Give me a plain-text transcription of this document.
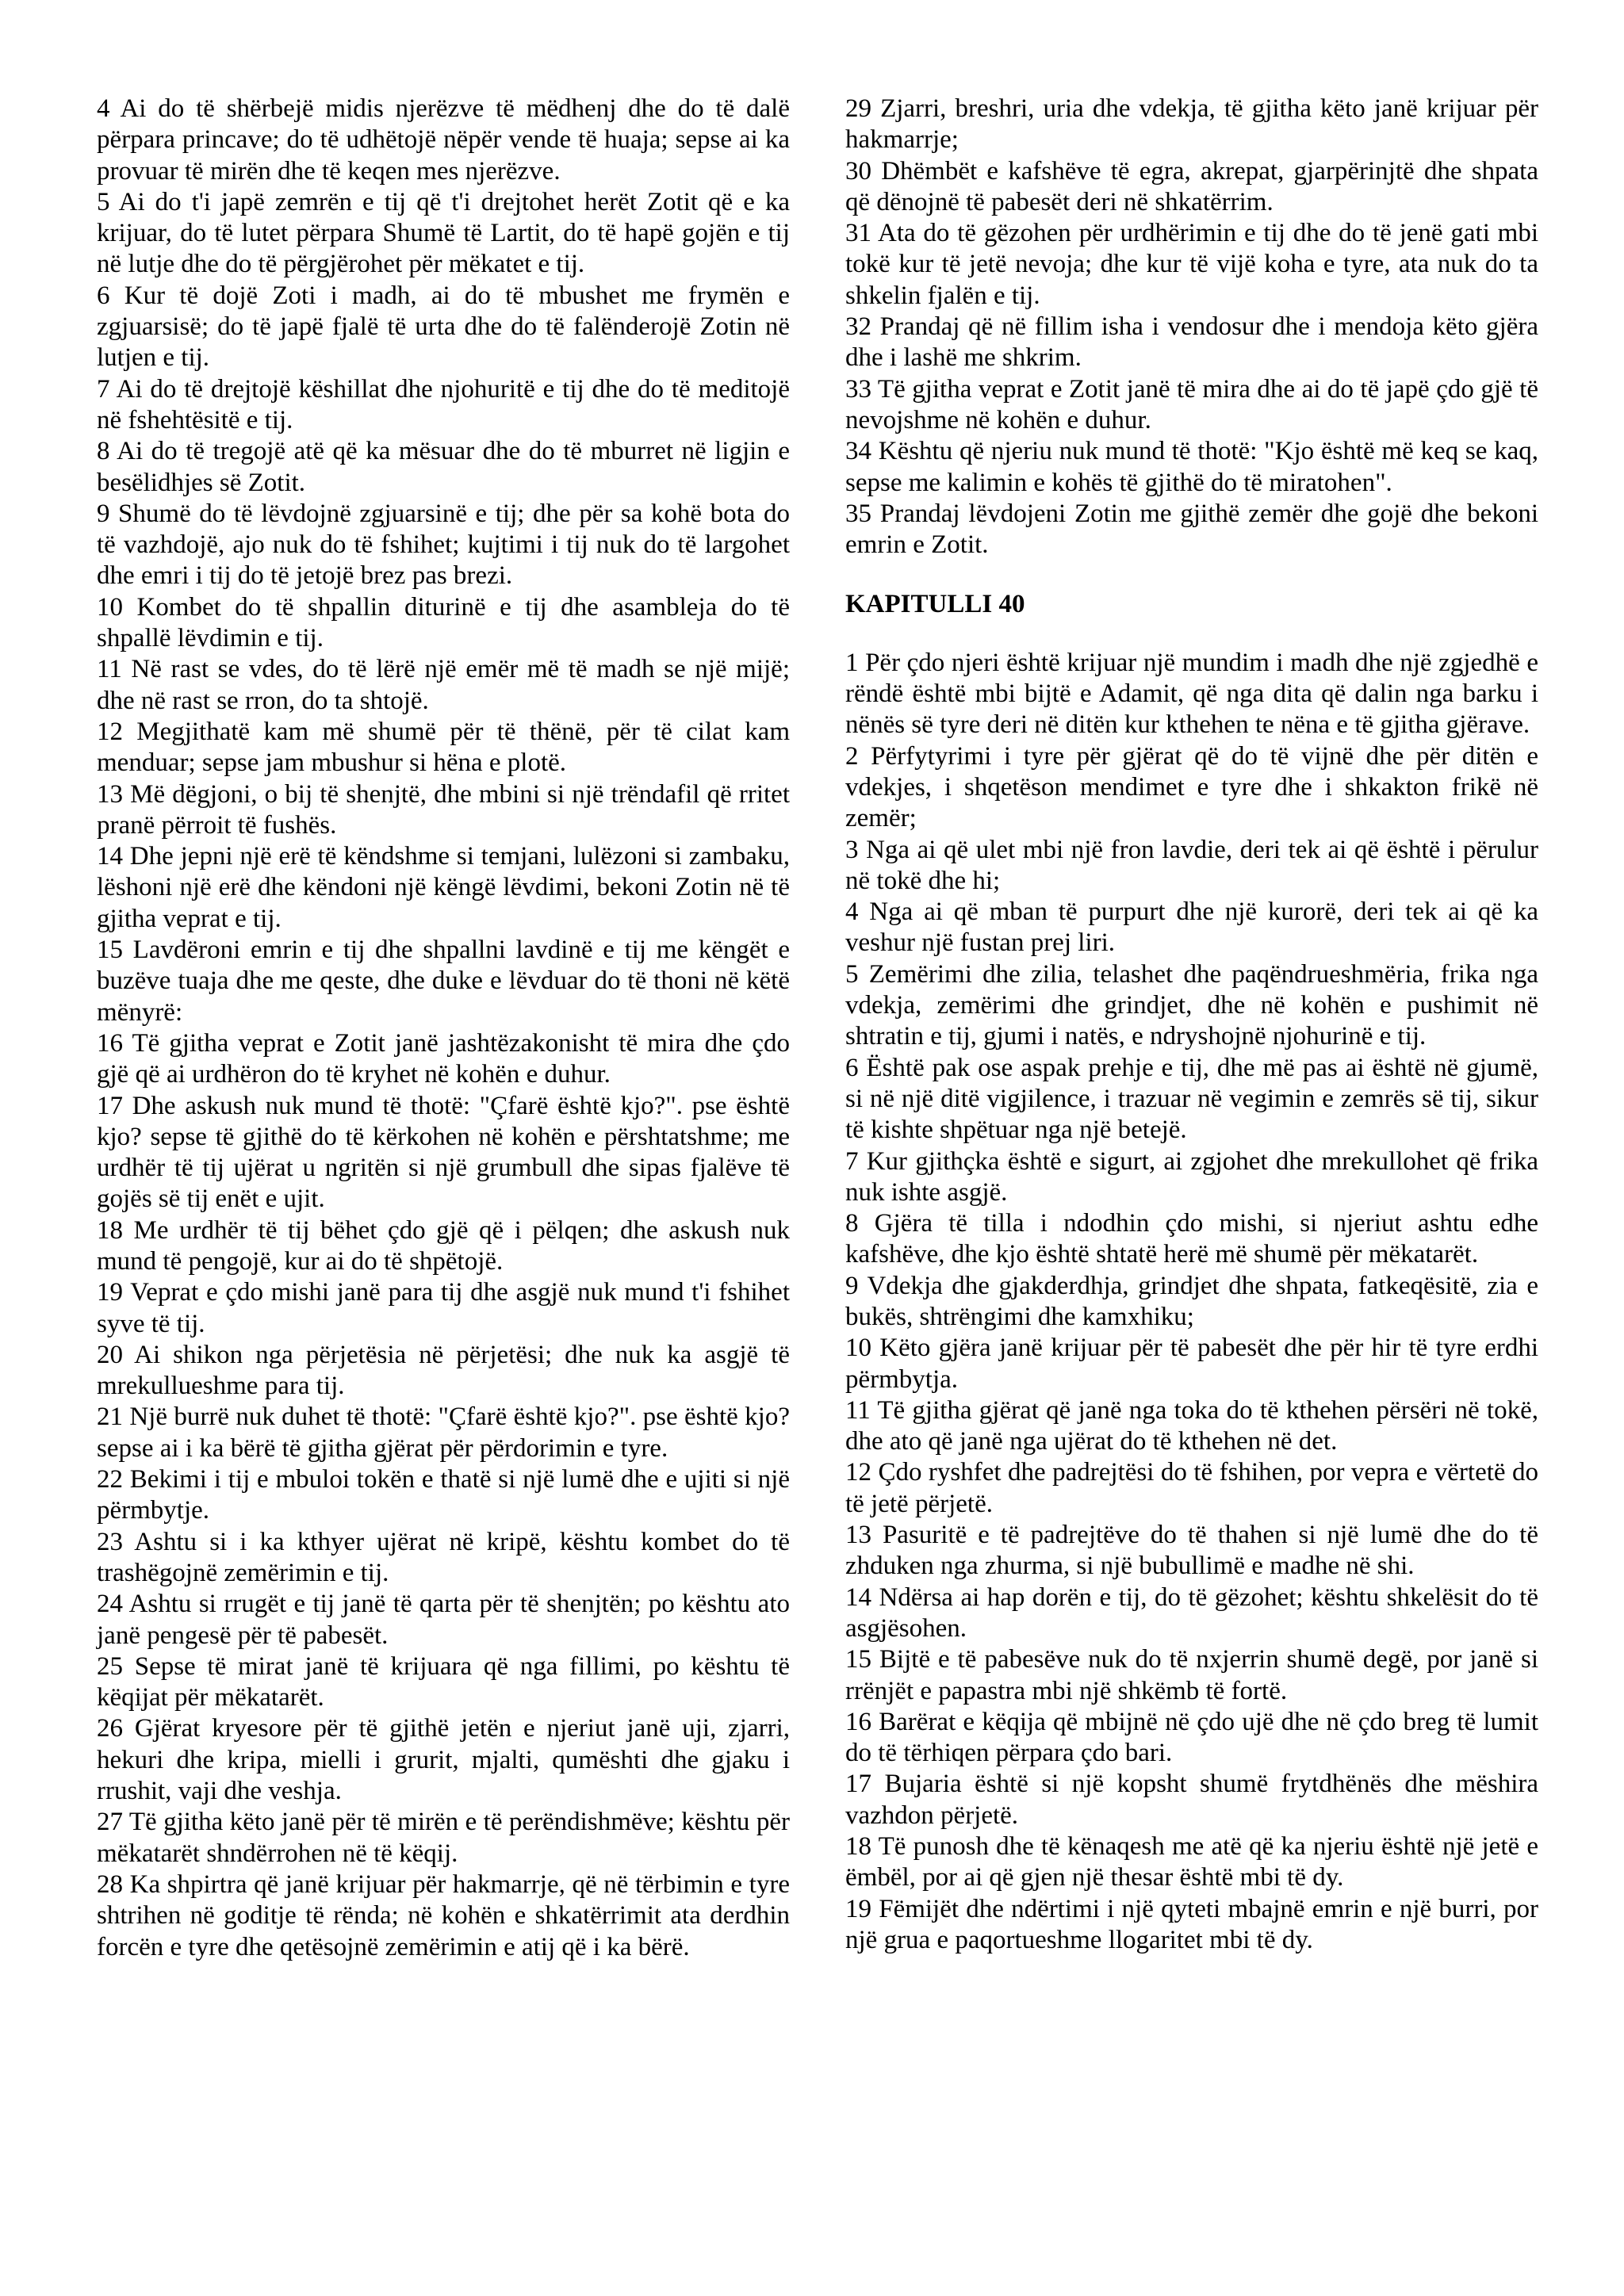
4 Ai do të shërbejë midis njerëzve të mëdhenj dhe do të dalë përpara princave; do të udhëtojë nëpër vende të huaja; sepse ai ka provuar të mirën dhe të keqen mes njerëzve.

5 Ai do t'i japë zemrën e tij që t'i drejtohet herët Zotit që e ka krijuar, do të lutet përpara Shumë të Lartit, do të hapë gojën e tij në lutje dhe do të përgjërohet për mëkatet e tij.

6 Kur të dojë Zoti i madh, ai do të mbushet me frymën e zgjuarsisë; do të japë fjalë të urta dhe do të falënderojë Zotin në lutjen e tij.

7 Ai do të drejtojë këshillat dhe njohuritë e tij dhe do të meditojë në fshehtësitë e tij.

8 Ai do të tregojë atë që ka mësuar dhe do të mburret në ligjin e besëlidhjes së Zotit.

9 Shumë do të lëvdojnë zgjuarsinë e tij; dhe për sa kohë bota do të vazhdojë, ajo nuk do të fshihet; kujtimi i tij nuk do të largohet dhe emri i tij do të jetojë brez pas brezi.

10 Kombet do të shpallin diturinë e tij dhe asambleja do të shpallë lëvdimin e tij.

11 Në rast se vdes, do të lërë një emër më të madh se një mijë; dhe në rast se rron, do ta shtojë.

12 Megjithatë kam më shumë për të thënë, për të cilat kam menduar; sepse jam mbushur si hëna e plotë.

13 Më dëgjoni, o bij të shenjtë, dhe mbini si një trëndafil që rritet pranë përroit të fushës.

14 Dhe jepni një erë të këndshme si temjani, lulëzoni si zambaku, lëshoni një erë dhe këndoni një këngë lëvdimi, bekoni Zotin në të gjitha veprat e tij.

15 Lavdëroni emrin e tij dhe shpallni lavdinë e tij me këngët e buzëve tuaja dhe me qeste, dhe duke e lëvduar do të thoni në këtë mënyrë:

16 Të gjitha veprat e Zotit janë jashtëzakonisht të mira dhe çdo gjë që ai urdhëron do të kryhet në kohën e duhur.

17 Dhe askush nuk mund të thotë: "Çfarë është kjo?". pse është kjo? sepse të gjithë do të kërkohen në kohën e përshtatshme; me urdhër të tij ujërat u ngritën si një grumbull dhe sipas fjalëve të gojës së tij enët e ujit.

18 Me urdhër të tij bëhet çdo gjë që i pëlqen; dhe askush nuk mund të pengojë, kur ai do të shpëtojë.

19 Veprat e çdo mishi janë para tij dhe asgjë nuk mund t'i fshihet syve të tij.

20 Ai shikon nga përjetësia në përjetësi; dhe nuk ka asgjë të mrekullueshme para tij.

21 Një burrë nuk duhet të thotë: "Çfarë është kjo?". pse është kjo? sepse ai i ka bërë të gjitha gjërat për përdorimin e tyre.

22 Bekimi i tij e mbuloi tokën e thatë si një lumë dhe e ujiti si një përmbytje.

23 Ashtu si i ka kthyer ujërat në kripë, kështu kombet do të trashëgojnë zemërimin e tij.

24 Ashtu si rrugët e tij janë të qarta për të shenjtën; po kështu ato janë pengesë për të pabesët.

25 Sepse të mirat janë të krijuara që nga fillimi, po kështu të këqijat për mëkatarët.

26 Gjërat kryesore për të gjithë jetën e njeriut janë uji, zjarri, hekuri dhe kripa, mielli i grurit, mjalti, qumështi dhe gjaku i rrushit, vaji dhe veshja.

27 Të gjitha këto janë për të mirën e të perëndishmëve; kështu për mëkatarët shndërrohen në të këqij.

28 Ka shpirtra që janë krijuar për hakmarrje, që në tërbimin e tyre shtrihen në goditje të rënda; në kohën e shkatërrimit ata derdhin forcën e tyre dhe qetësojnë zemërimin e atij që i ka bërë.

29 Zjarri, breshri, uria dhe vdekja, të gjitha këto janë krijuar për hakmarrje;

30 Dhëmbët e kafshëve të egra, akrepat, gjarpërinjtë dhe shpata që dënojnë të pabesët deri në shkatërrim.

31 Ata do të gëzohen për urdhërimin e tij dhe do të jenë gati mbi tokë kur të jetë nevoja; dhe kur të vijë koha e tyre, ata nuk do ta shkelin fjalën e tij.

32 Prandaj që në fillim isha i vendosur dhe i mendoja këto gjëra dhe i lashë me shkrim.

33 Të gjitha veprat e Zotit janë të mira dhe ai do të japë çdo gjë të nevojshme në kohën e duhur.

34 Kështu që njeriu nuk mund të thotë: "Kjo është më keq se kaq, sepse me kalimin e kohës të gjithë do të miratohen".

35 Prandaj lëvdojeni Zotin me gjithë zemër dhe gojë dhe bekoni emrin e Zotit.

KAPITULLI 40

1 Për çdo njeri është krijuar një mundim i madh dhe një zgjedhë e rëndë është mbi bijtë e Adamit, që nga dita që dalin nga barku i nënës së tyre deri në ditën kur kthehen te nëna e të gjitha gjërave.

2 Përfytyrimi i tyre për gjërat që do të vijnë dhe për ditën e vdekjes, i shqetëson mendimet e tyre dhe i shkakton frikë në zemër;

3 Nga ai që ulet mbi një fron lavdie, deri tek ai që është i përulur në tokë dhe hi;

4 Nga ai që mban të purpurt dhe një kurorë, deri tek ai që ka veshur një fustan prej liri.

5 Zemërimi dhe zilia, telashet dhe paqëndrueshmëria, frika nga vdekja, zemërimi dhe grindjet, dhe në kohën e pushimit në shtratin e tij, gjumi i natës, e ndryshojnë njohurinë e tij.

6 Është pak ose aspak prehje e tij, dhe më pas ai është në gjumë, si në një ditë vigjilence, i trazuar në vegimin e zemrës së tij, sikur të kishte shpëtuar nga një betejë.

7 Kur gjithçka është e sigurt, ai zgjohet dhe mrekullohet që frika nuk ishte asgjë.

8 Gjëra të tilla i ndodhin çdo mishi, si njeriut ashtu edhe kafshëve, dhe kjo është shtatë herë më shumë për mëkatarët.

9 Vdekja dhe gjakderdhja, grindjet dhe shpata, fatkeqësitë, zia e bukës, shtrëngimi dhe kamxhiku;

10 Këto gjëra janë krijuar për të pabesët dhe për hir të tyre erdhi përmbytja.

11 Të gjitha gjërat që janë nga toka do të kthehen përsëri në tokë, dhe ato që janë nga ujërat do të kthehen në det.

12 Çdo ryshfet dhe padrejtësi do të fshihen, por vepra e vërtetë do të jetë përjetë.

13 Pasuritë e të padrejtëve do të thahen si një lumë dhe do të zhduken nga zhurma, si një bubullimë e madhe në shi.

14 Ndërsa ai hap dorën e tij, do të gëzohet; kështu shkelësit do të asgjësohen.

15 Bijtë e të pabesëve nuk do të nxjerrin shumë degë, por janë si rrënjët e papastra mbi një shkëmb të fortë.

16 Barërat e këqija që mbijnë në çdo ujë dhe në çdo breg të lumit do të tërhiqen përpara çdo bari.

17 Bujaria është si një kopsht shumë frytdhënës dhe mëshira vazhdon përjetë.

18 Të punosh dhe të kënaqesh me atë që ka njeriu është një jetë e ëmbël, por ai që gjen një thesar është mbi të dy.

19 Fëmijët dhe ndërtimi i një qyteti mbajnë emrin e një burri, por një grua e paqortueshme llogaritet mbi të dy.
